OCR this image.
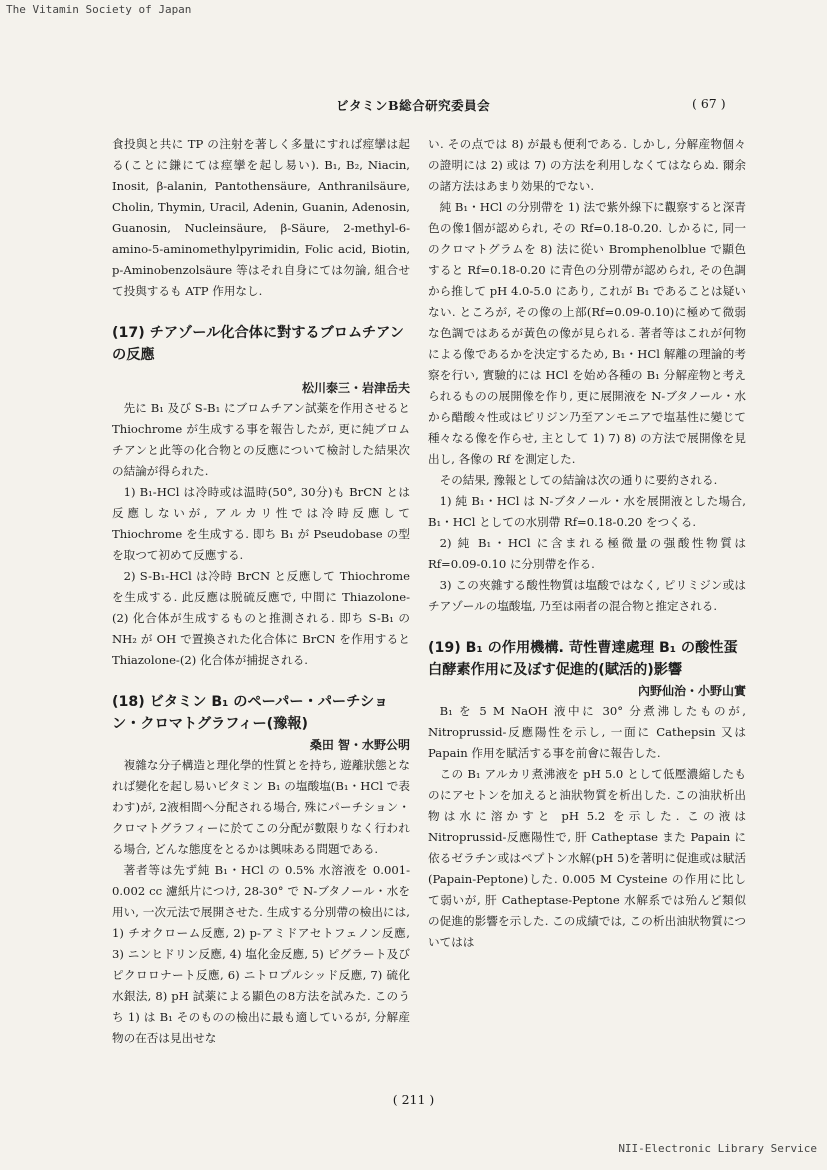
The Vitamin Society of Japan
ビタミンB総合研究委員会	( 67 )

食投與と共に TP の注射を著しく多量にすれば痙攣は起る(ことに鎌にては痙攣を起し易い). B₁, B₂, Niacin, Inosit, β-alanin, Pantothensäure, Anthranilsäure, Cholin, Thymin, Uracil, Adenin, Guanin, Adenosin, Guanosin, Nucleinsäure, β-Säure, 2-methyl-6-amino-5-aminomethylpyrimidin, Folic acid, Biotin, p-Aminobenzolsäure 等はそれ自身にては勿論, 組合せて投與するも ATP 作用なし.

(17) チアゾール化合体に對するブロムチアンの反應

松川泰三・岩津岳夫

先に B₁ 及び S-B₁ にブロムチアン試薬を作用させると Thiochrome が生成する事を報告したが, 更に純ブロムチアンと此等の化合物との反應について檢討した結果次の結論が得られた.

1) B₁-HCl は冷時或は温時(50°, 30分)も BrCN とは反應しないが, アルカリ性では冷時反應して Thiochrome を生成する. 即ち B₁ が Pseudobase の型を取つて初めて反應する.

2) S-B₁-HCl は冷時 BrCN と反應して Thiochrome を生成する. 此反應は脱硫反應で, 中間に Thiazolone-(2) 化合体が生成するものと推測される. 即ち S-B₁ の NH₂ が OH で置換された化合体に BrCN を作用すると Thiazolone-(2) 化合体が捕捉される.

(18) ビタミン B₁ のペーパー・パーチション・クロマトグラフィー(豫報)

桑田 智・水野公明

複雜な分子構造と理化學的性質とを持ち, 遊離狀態となれば變化を起し易いビタミン B₁ の塩酸塩(B₁・HCl で表わす)が, 2液相間へ分配される場合, 殊にパーチション・クロマトグラフィーに於てこの分配が數限りなく行われる場合, どんな態度をとるかは興味ある問題である.

著者等は先ず純 B₁・HCl の 0.5% 水溶液を 0.001-0.002 cc 濾紙片につけ, 28-30° で N-ブタノール・水を用い, 一次元法で展開させた. 生成する分別帶の檢出には, 1) チオクローム反應, 2) p-アミドアセトフェノン反應, 3) ニンヒドリン反應, 4) 塩化金反應, 5) ピグラート及びピクロロナート反應, 6) ニトロプルシッド反應, 7) 硫化水銀法, 8) pH 試薬による顯色の8方法を試みた. このうち 1) は B₁ そのものの檢出に最も適しているが, 分解産物の在否は見出せな

い. その点では 8) が最も便利である. しかし, 分解産物個々の證明には 2) 或は 7) の方法を利用しなくてはならぬ. 爾余の諸方法はあまり効果的でない.

純 B₁・HCl の分別帶を 1) 法で紫外線下に觀察すると深青色の像1個が認められ, その Rf=0.18-0.20. しかるに, 同一のクロマトグラムを 8) 法に從い Bromphenolblue で顯色すると Rf=0.18-0.20 に青色の分別帶が認められ, その色調から推して pH 4.0-5.0 にあり, これが B₁ であることは疑いない. ところが, その像の上部(Rf=0.09-0.10)に極めて微弱な色調ではあるが黃色の像が見られる. 著者等はこれが何物による像であるかを決定するため, B₁・HCl 解離の理論的考察を行い, 實驗的には HCl を始め各種の B₁ 分解産物と考えられるものの展開像を作り, 更に展開液を N-ブタノール・水から醋酸々性或はピリジン乃至アンモニアで塩基性に變じて種々なる像を作らせ, 主として 1) 7) 8) の方法で展開像を見出し, 各像の Rf を測定した.

その結果, 豫報としての結論は次の通りに要約される.

1) 純 B₁・HCl は N-ブタノール・水を展開液とした場合, B₁・HCl としての水別帶 Rf=0.18-0.20 をつくる.

2) 純 B₁・HCl に含まれる極微量の强酸性物質は Rf=0.09-0.10 に分別帶を作る.

3) この夾雜する酸性物質は塩酸ではなく, ピリミジン或はチアゾールの塩酸塩, 乃至は兩者の混合物と推定される.

(19) B₁ の作用機構. 苛性曹達處理 B₁ の酸性蛋白酵素作用に及ぼす促進的(賦活的)影響

內野仙治・小野山實

B₁ を 5 M NaOH 液中に 30° 分煮沸したものが, Nitroprussid-反應陽性を示し, 一面に Cathepsin 又は Papain 作用を賦活する事を前會に報告した.

この B₁ アルカリ煮沸液を pH 5.0 として低壓濃縮したものにアセトンを加えると油狀物質を析出した. この油狀析出物は水に溶かすと pH 5.2 を示した. この液は Nitroprussid-反應陽性で, 肝 Catheptase また Papain に依るゼラチン或はペプトン水解(pH 5)を著明に促進或は賦活(Papain-Peptone)した. 0.005 M Cysteine の作用に比して弱いが, 肝 Catheptase-Peptone 水解系では殆んど類似の促進的影響を示した. この成績では, この析出油狀物質についてはは

( 211 )
NII-Electronic Library Service
